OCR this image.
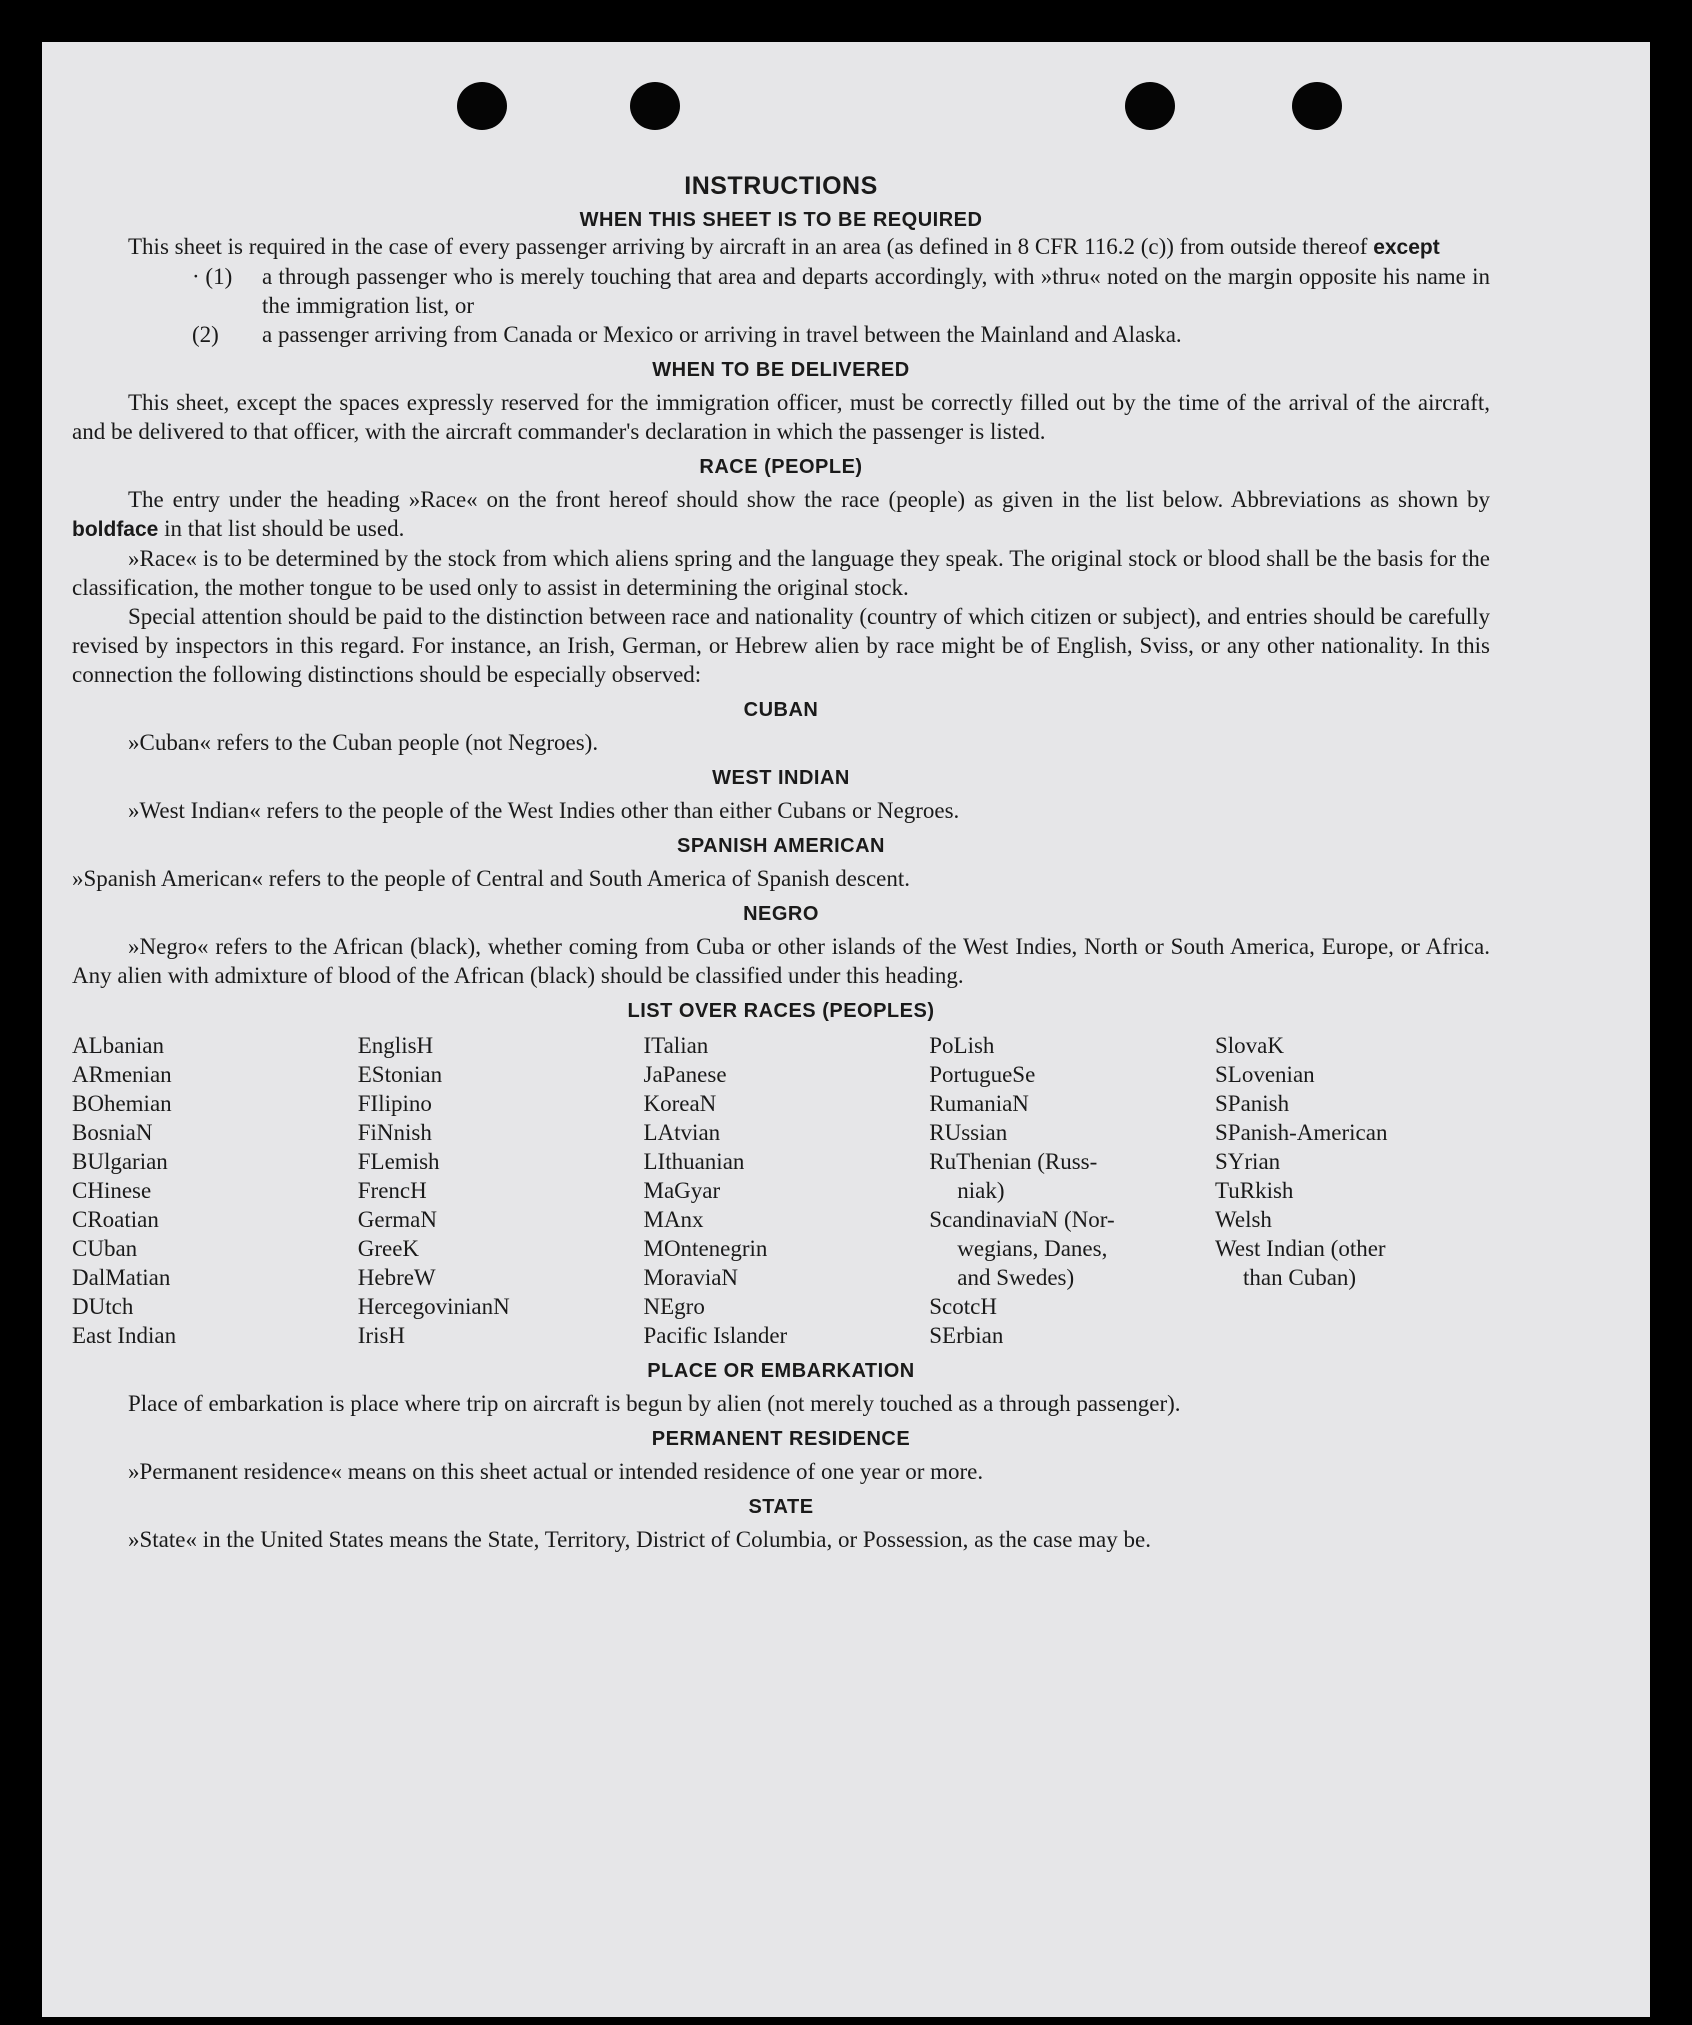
INSTRUCTIONS
WHEN THIS SHEET IS TO BE REQUIRED

This sheet is required in the case of every passenger arriving by aircraft in an area (as defined in 8 CFR 116.2 (c)) from outside thereof except

· (1) a through passenger who is merely touching that area and departs accordingly, with »thru« noted on the margin opposite his name in the immigration list, or
(2) a passenger arriving from Canada or Mexico or arriving in travel between the Mainland and Alaska.
WHEN TO BE DELIVERED

This sheet, except the spaces expressly reserved for the immigration officer, must be correctly filled out by the time of the arrival of the aircraft, and be delivered to that officer, with the aircraft commander's declaration in which the passenger is listed.

RACE (PEOPLE)

The entry under the heading »Race« on the front hereof should show the race (people) as given in the list below. Abbreviations as shown by boldface in that list should be used.

»Race« is to be determined by the stock from which aliens spring and the language they speak. The original stock or blood shall be the basis for the classification, the mother tongue to be used only to assist in determining the original stock.

Special attention should be paid to the distinction between race and nationality (country of which citizen or subject), and entries should be carefully revised by inspectors in this regard. For instance, an Irish, German, or Hebrew alien by race might be of English, Sviss, or any other nationality. In this connection the following distinctions should be especially observed:

CUBAN

»Cuban« refers to the Cuban people (not Negroes).

WEST INDIAN

»West Indian« refers to the people of the West Indies other than either Cubans or Negroes.

SPANISH AMERICAN

»Spanish American« refers to the people of Central and South America of Spanish descent.

NEGRO

»Negro« refers to the African (black), whether coming from Cuba or other islands of the West Indies, North or South America, Europe, or Africa. Any alien with admixture of blood of the African (black) should be classified under this heading.

LIST OVER RACES (PEOPLES)
ALbanian
ARmenian
BOhemian
BosniaN
BUlgarian
CHinese
CRoatian
CUban
DalMatian
DUtch
East Indian
EnglisH
EStonian
FIlipino
FiNnish
FLemish
FrencH
GermaN
GreeK
HebreW
HercegovinianN
IrisH
ITalian
JaPanese
KoreaN
LAtvian
LIthuanian
MaGyar
MAnx
MOntenegrin
MoraviaN
NEgro
Pacific Islander
PoLish
PortugueSe
RumaniaN
RUssian
RuThenian (Russ-
niak)
ScandinaviaN (Nor-
wegians, Danes,
and Swedes)
ScotcH
SErbian
SlovaK
SLovenian
SPanish
SPanish-American
SYrian
TuRkish
Welsh
West Indian (other
than Cuban)
PLACE OR EMBARKATION

Place of embarkation is place where trip on aircraft is begun by alien (not merely touched as a through passenger).

PERMANENT RESIDENCE

»Permanent residence« means on this sheet actual or intended residence of one year or more.

STATE

»State« in the United States means the State, Territory, District of Columbia, or Possession, as the case may be.
